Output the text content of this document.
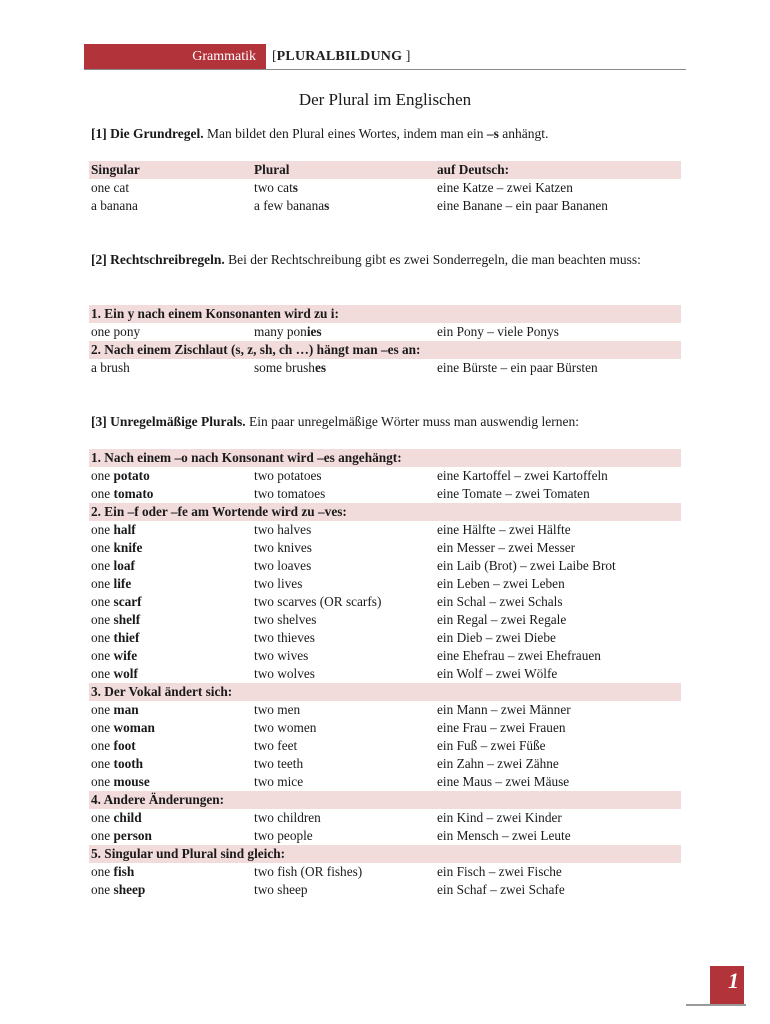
Grammatik	[PLURALBILDUNG ]
Der Plural im Englischen
[1] Die Grundregel. Man bildet den Plural eines Wortes, indem man ein –s anhängt.
Singular	Plural	auf Deutsch:
one cat	two cats	eine Katze – zwei Katzen
a banana	a few bananas	eine Banane – ein paar Bananen
[2] Rechtschreibregeln. Bei der Rechtschreibung gibt es zwei Sonderregeln, die man beachten muss:
1. Ein y nach einem Konsonanten wird zu i:
one pony	many ponies	ein Pony – viele Ponys
2. Nach einem Zischlaut (s, z, sh, ch …) hängt man –es an:
a brush	some brushes	eine Bürste – ein paar Bürsten
[3] Unregelmäßige Plurals. Ein paar unregelmäßige Wörter muss man auswendig lernen:
1. Nach einem –o nach Konsonant wird –es angehängt:
one potato	two potatoes	eine Kartoffel – zwei Kartoffeln
one tomato	two tomatoes	eine Tomate – zwei Tomaten
2. Ein –f oder –fe am Wortende wird zu –ves:
one half	two halves	eine Hälfte – zwei Hälfte
one knife	two knives	ein Messer – zwei Messer
one loaf	two loaves	ein Laib (Brot) – zwei Laibe Brot
one life	two lives	ein Leben – zwei Leben
one scarf	two scarves (OR scarfs)	ein Schal – zwei Schals
one shelf	two shelves	ein Regal – zwei Regale
one thief	two thieves	ein Dieb – zwei Diebe
one wife	two wives	eine Ehefrau – zwei Ehefrauen
one wolf	two wolves	ein Wolf – zwei Wölfe
3. Der Vokal ändert sich:
one man	two men	ein Mann – zwei Männer
one woman	two women	eine Frau – zwei Frauen
one foot	two feet	ein Fuß – zwei Füße
one tooth	two teeth	ein Zahn – zwei Zähne
one mouse	two mice	eine Maus – zwei Mäuse
4. Andere Änderungen:
one child	two children	ein Kind – zwei Kinder
one person	two people	ein Mensch – zwei Leute
5. Singular und Plural sind gleich:
one fish	two fish (OR fishes)	ein Fisch – zwei Fische
one sheep	two sheep	ein Schaf – zwei Schafe
1
